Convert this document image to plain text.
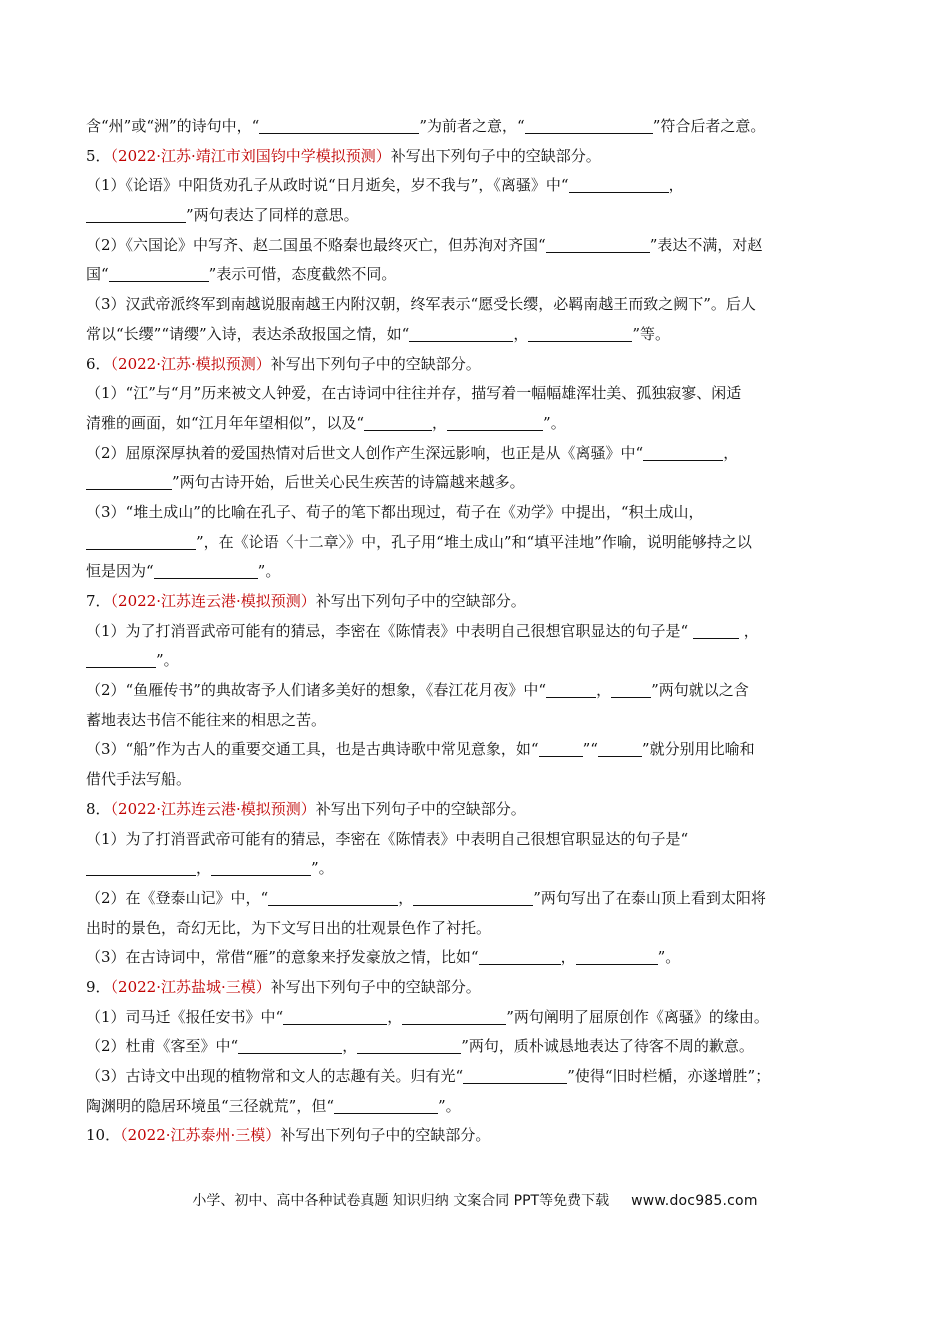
含“州”或“洲”的诗句中，“	”为前者之意，“	”符合后者之意。
5．（2022·江苏·靖江市刘国钧中学模拟预测）补写出下列句子中的空缺部分。
（1）《论语》中阳货劝孔子从政时说“日月逝矣，岁不我与”，《离骚》中“	，
”两句表达了同样的意思。
（2）《六国论》中写齐、赵二国虽不赂秦也最终灭亡，但苏洵对齐国“	”表达不满，对赵
国“	”表示可惜，态度截然不同。
（3）汉武帝派终军到南越说服南越王内附汉朝，终军表示“愿受长缨，必羁南越王而致之阙下”。后人
常以“长缨”“请缨”入诗，表达杀敌报国之情，如“	，	”等。
6．（2022·江苏·模拟预测）补写出下列句子中的空缺部分。
（1）“江”与“月”历来被文人钟爱，在古诗词中往往并存，描写着一幅幅雄浑壮美、孤独寂寥、闲适
清雅的画面，如“江月年年望相似”，以及“	，	”。
（2）屈原深厚执着的爱国热情对后世文人创作产生深远影响，也正是从《离骚》中“	，
”两句古诗开始，后世关心民生疾苦的诗篇越来越多。
（3）“堆土成山”的比喻在孔子、荀子的笔下都出现过，荀子在《劝学》中提出，“积土成山，
”，在《论语〈十二章〉》中，孔子用“堆土成山”和“填平洼地”作喻，说明能够持之以
恒是因为“	”。
7．（2022·江苏连云港·模拟预测）补写出下列句子中的空缺部分。
（1）为了打消晋武帝可能有的猜忌，李密在《陈情表》中表明自己很想官职显达的句子是“	，
”。
（2）“鱼雁传书”的典故寄予人们诸多美好的想象，《春江花月夜》中“	，	”两句就以之含
蓄地表达书信不能往来的相思之苦。
（3）“船”作为古人的重要交通工具，也是古典诗歌中常见意象，如“	”“	”就分别用比喻和
借代手法写船。
8．（2022·江苏连云港·模拟预测）补写出下列句子中的空缺部分。
（1）为了打消晋武帝可能有的猜忌，李密在《陈情表》中表明自己很想官职显达的句子是“
，	”。
（2）在《登泰山记》中，“	，	”两句写出了在泰山顶上看到太阳将
出时的景色，奇幻无比，为下文写日出的壮观景色作了衬托。
（3）在古诗词中，常借“雁”的意象来抒发豪放之情，比如“	，	”。
9．（2022·江苏盐城·三模）补写出下列句子中的空缺部分。
（1）司马迁《报任安书》中“	，	”两句阐明了屈原创作《离骚》的缘由。
（2）杜甫《客至》中“	，	”两句，质朴诚恳地表达了待客不周的歉意。
（3）古诗文中出现的植物常和文人的志趣有关。归有光“	”使得“旧时栏楯，亦遂增胜”；
陶渊明的隐居环境虽“三径就荒”，但“	”。
10．（2022·江苏泰州·三模）补写出下列句子中的空缺部分。
小学、初中、高中各种试卷真题 知识归纳 文案合同 PPT等免费下载 www.doc985.com
